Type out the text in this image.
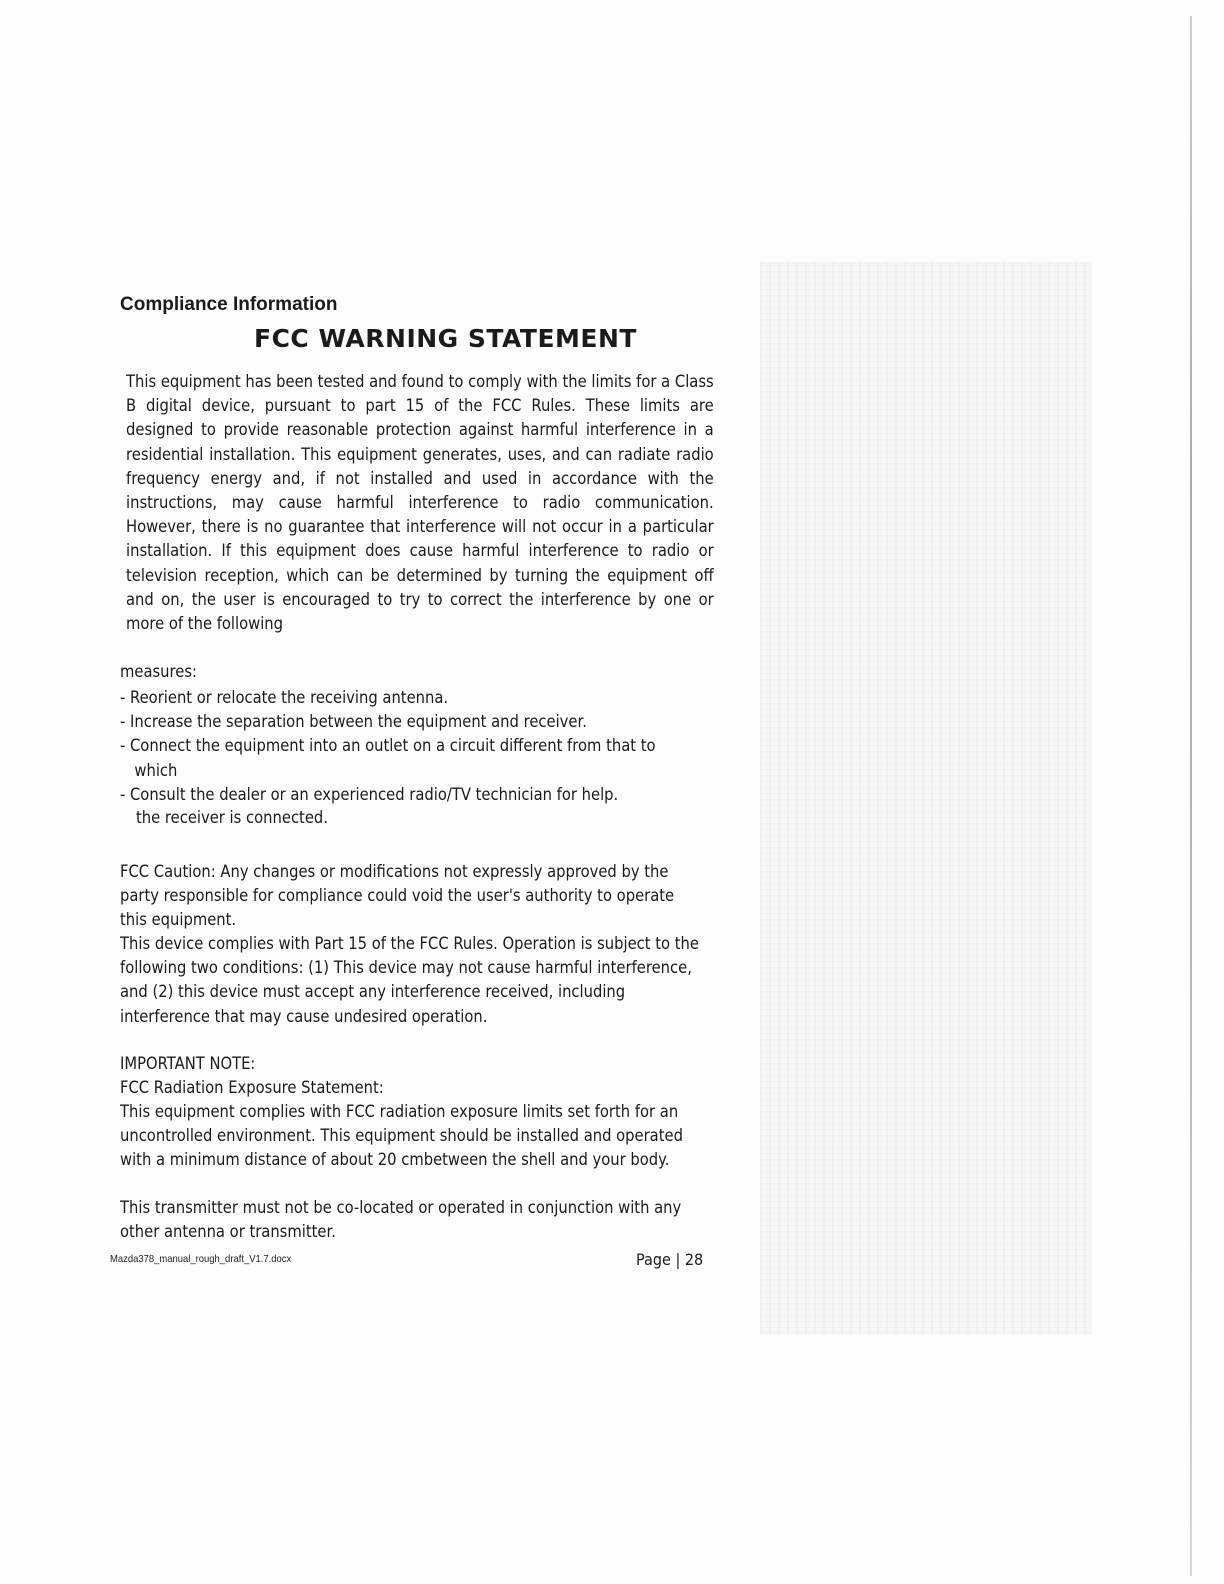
Compliance Information
FCC WARNING STATEMENT

This equipment has been tested and found to comply with the limits for a Class B digital device, pursuant to part 15 of the FCC Rules. These limits are designed to provide reasonable protection against harmful interference in a residential installation. This equipment generates, uses, and can radiate radio frequency energy and, if not installed and used in accordance with the instructions, may cause harmful interference to radio communication. However, there is no guarantee that interference will not occur in a particular installation. If this equipment does cause harmful interference to radio or television reception, which can be determined by turning the equipment off and on, the user is encouraged to try to correct the interference by one or more of the following

measures:
- Reorient or relocate the receiving antenna.
- Increase the separation between the equipment and receiver.
- Connect the equipment into an outlet on a circuit different from that to which
- Consult the dealer or an experienced radio/TV technician for help.
the receiver is connected.

FCC Caution: Any changes or modifications not expressly approved by the party responsible for compliance could void the user's authority to operate this equipment.

This device complies with Part 15 of the FCC Rules. Operation is subject to the following two conditions: (1) This device may not cause harmful interference, and (2) this device must accept any interference received, including interference that may cause undesired operation.

IMPORTANT NOTE:

FCC Radiation Exposure Statement:

This equipment complies with FCC radiation exposure limits set forth for an uncontrolled environment. This equipment should be installed and operated with a minimum distance of about 20 cmbetween the shell and your body.

This transmitter must not be co-located or operated in conjunction with any other antenna or transmitter.

Mazda378_manual_rough_draft_V1.7.docx	Page | 28
